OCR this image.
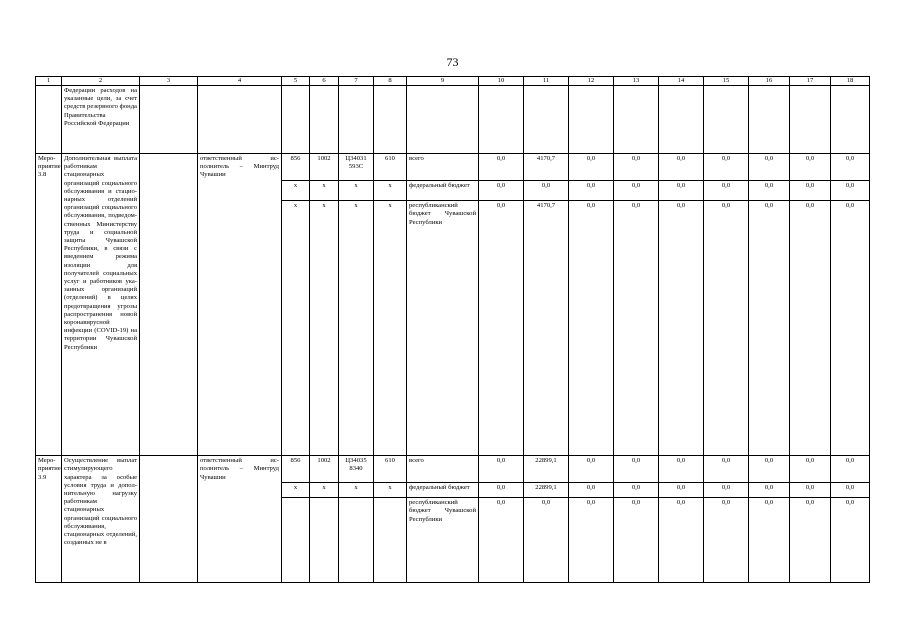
73
1	2	3	4	5	6	7	8	9	10	11	12	13	14	15	16	17	18
	Федерации расходов на указанные цели, за счет средств резервного фонда Правительства Российской Федерации																
Мероприятие 3.8	Дополнительная выплата работникам стационарных организаций социального обслуживания и стационарных отделений организаций социального обслуживания, подведомственных Министерству труда и социальной защиты Чувашской Республики, в связи с введением режима изоляции для получателей социальных услуг и работников указанных организаций (отделений) в целях предотвращения угрозы распространения новой коронавирусной инфекции (COVID-19) на территории Чувашской Республики		ответственный исполнитель – Минтруд Чувашии	856	1002	Ц34031 593С	610	всего	0,0	4170,7	0,0	0,0	0,0	0,0	0,0	0,0	0,0
				х	х	х	х	федеральный бюджет	0,0	0,0	0,0	0,0	0,0	0,0	0,0	0,0	0,0
				х	х	х	х	республиканский бюджет Чувашской Республики	0,0	4170,7	0,0	0,0	0,0	0,0	0,0	0,0	0,0
Мероприятие 3.9	Осуществление выплат стимулирующего характера за особые условия труда и дополнительную нагрузку работникам стационарных организаций социального обслуживания, стационарных отделений, созданных не в		ответственный исполнитель – Минтруд Чувашии	856	1002	Ц34035 8340	610	всего	0,0	22899,1	0,0	0,0	0,0	0,0	0,0	0,0	0,0
				х	х	х	х	федеральный бюджет	0,0	22899,1	0,0	0,0	0,0	0,0	0,0	0,0	0,0
								республиканский бюджет Чувашской Республики	0,0	0,0	0,0	0,0	0,0	0,0	0,0	0,0	0,0
